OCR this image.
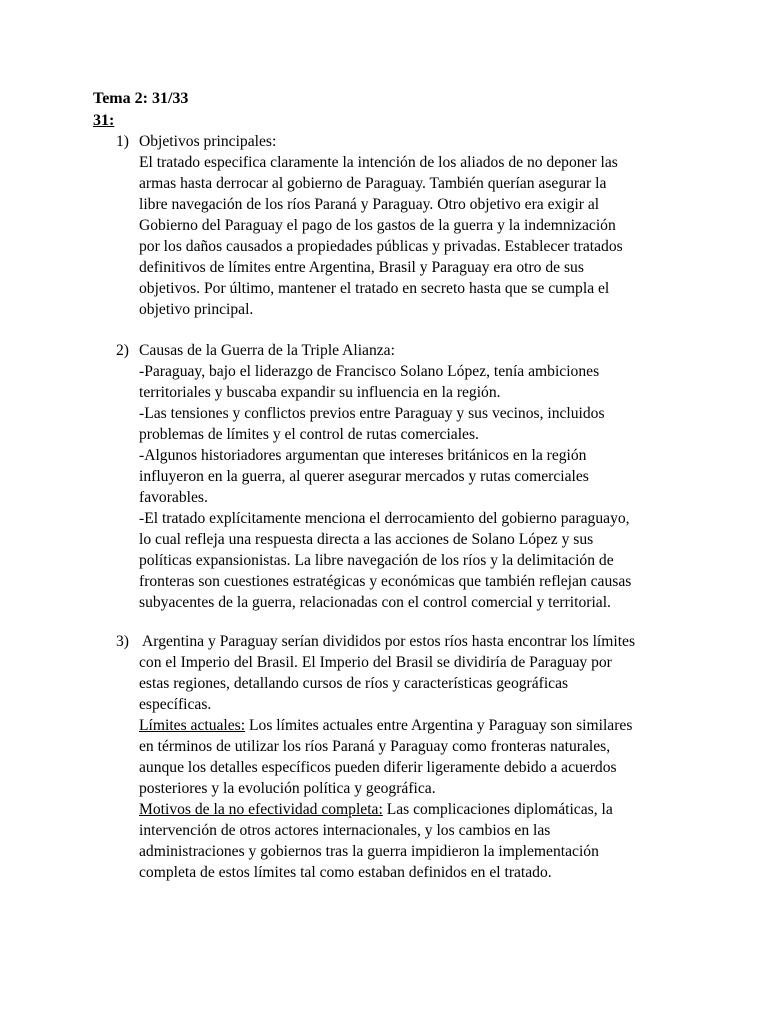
Tema 2: 31/33
31:
1) Objetivos principales:
El tratado especifica claramente la intención de los aliados de no deponer las
armas hasta derrocar al gobierno de Paraguay. También querían asegurar la
libre navegación de los ríos Paraná y Paraguay. Otro objetivo era exigir al
Gobierno del Paraguay el pago de los gastos de la guerra y la indemnización
por los daños causados a propiedades públicas y privadas. Establecer tratados
definitivos de límites entre Argentina, Brasil y Paraguay era otro de sus
objetivos. Por último, mantener el tratado en secreto hasta que se cumpla el
objetivo principal.
2) Causas de la Guerra de la Triple Alianza:
-Paraguay, bajo el liderazgo de Francisco Solano López, tenía ambiciones
territoriales y buscaba expandir su influencia en la región.
-Las tensiones y conflictos previos entre Paraguay y sus vecinos, incluidos
problemas de límites y el control de rutas comerciales.
-Algunos historiadores argumentan que intereses británicos en la región
influyeron en la guerra, al querer asegurar mercados y rutas comerciales
favorables.
-El tratado explícitamente menciona el derrocamiento del gobierno paraguayo,
lo cual refleja una respuesta directa a las acciones de Solano López y sus
políticas expansionistas. La libre navegación de los ríos y la delimitación de
fronteras son cuestiones estratégicas y económicas que también reflejan causas
subyacentes de la guerra, relacionadas con el control comercial y territorial.
3) Argentina y Paraguay serían divididos por estos ríos hasta encontrar los límites
con el Imperio del Brasil. El Imperio del Brasil se dividiría de Paraguay por
estas regiones, detallando cursos de ríos y características geográficas
específicas.
Límites actuales: Los límites actuales entre Argentina y Paraguay son similares
en términos de utilizar los ríos Paraná y Paraguay como fronteras naturales,
aunque los detalles específicos pueden diferir ligeramente debido a acuerdos
posteriores y la evolución política y geográfica.
Motivos de la no efectividad completa: Las complicaciones diplomáticas, la
intervención de otros actores internacionales, y los cambios en las
administraciones y gobiernos tras la guerra impidieron la implementación
completa de estos límites tal como estaban definidos en el tratado.
